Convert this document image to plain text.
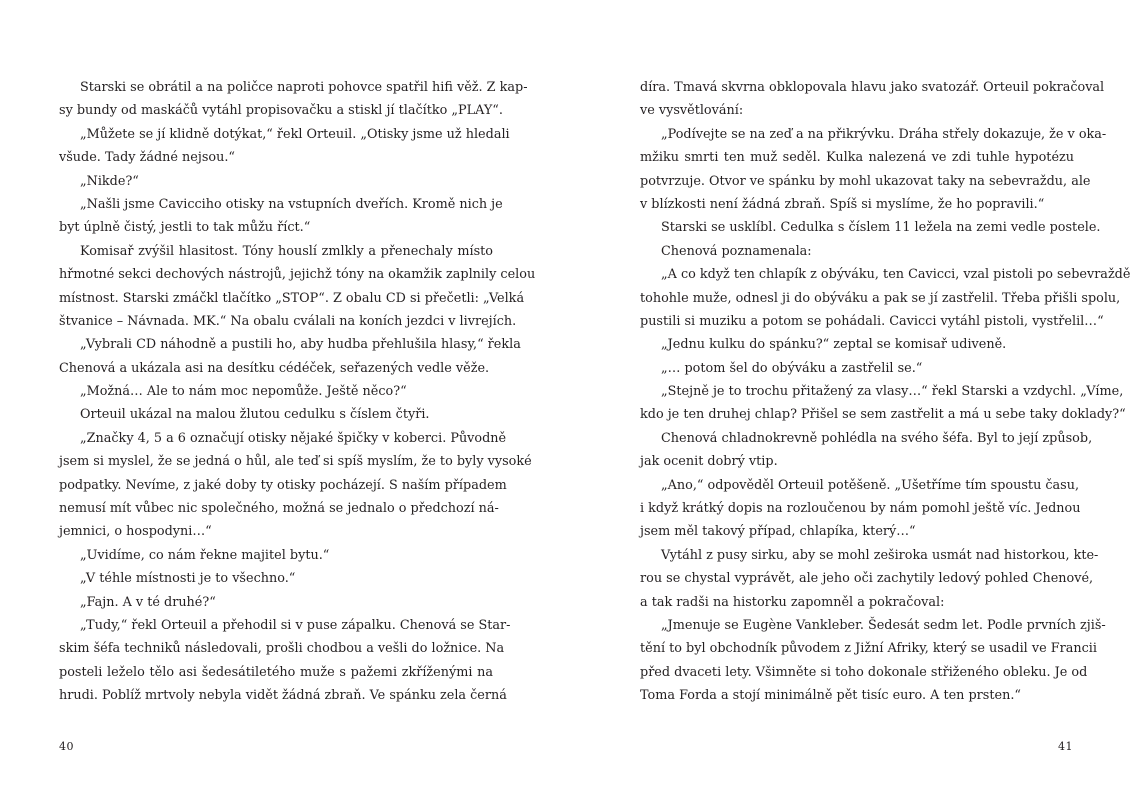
Starski se obrátil a na poličce naproti pohovce spatřil hifi věž. Z kap-
sy bundy od maskáčů vytáhl propisovačku a stiskl jí tlačítko „PLAY“.
„Můžete se jí klidně dotýkat,“ řekl Orteuil. „Otisky jsme už hledali
všude. Tady žádné nejsou.“
„Nikde?“
„Našli jsme Cavicciho otisky na vstupních dveřích. Kromě nich je
byt úplně čistý, jestli to tak můžu říct.“
Komisař zvýšil hlasitost. Tóny houslí zmlkly a přenechaly místo
hřmotné sekci dechových nástrojů, jejichž tóny na okamžik zaplnily celou
místnost. Starski zmáčkl tlačítko „STOP“. Z obalu CD si přečetli: „Velká
štvanice – Návnada. MK.“ Na obalu cválali na koních jezdci v livrejích.
„Vybrali CD náhodně a pustili ho, aby hudba přehlušila hlasy,“ řekla
Chenová a ukázala asi na desítku cédéček, seřazených vedle věže.
„Možná… Ale to nám moc nepomůže. Ještě něco?“
Orteuil ukázal na malou žlutou cedulku s číslem čtyři.
„Značky 4, 5 a 6 označují otisky nějaké špičky v koberci. Původně
jsem si myslel, že se jedná o hůl, ale teď si spíš myslím, že to byly vysoké
podpatky. Nevíme, z jaké doby ty otisky pocházejí. S naším případem
nemusí mít vůbec nic společného, možná se jednalo o předchozí ná-
jemnici, o hospodyni…“
„Uvidíme, co nám řekne majitel bytu.“
„V téhle místnosti je to všechno.“
„Fajn. A v té druhé?“
„Tudy,“ řekl Orteuil a přehodil si v puse zápalku. Chenová se Star-
skim šéfa techniků následovali, prošli chodbou a vešli do ložnice. Na
posteli leželo tělo asi šedesátiletého muže s pažemi zkříženými na
hrudi. Poblíž mrtvoly nebyla vidět žádná zbraň. Ve spánku zela černá
díra. Tmavá skvrna obklopovala hlavu jako svatozář. Orteuil pokračoval
ve vysvětlování:
„Podívejte se na zeď a na přikrývku. Dráha střely dokazuje, že v oka-
mžiku smrti ten muž seděl. Kulka nalezená ve zdi tuhle hypotézu
potvrzuje. Otvor ve spánku by mohl ukazovat taky na sebevraždu, ale
v blízkosti není žádná zbraň. Spíš si myslíme, že ho popravili.“
Starski se usklíbl. Cedulka s číslem 11 ležela na zemi vedle postele.
Chenová poznamenala:
„A co když ten chlapík z obýváku, ten Cavicci, vzal pistoli po sebevraždě
tohohle muže, odnesl ji do obýváku a pak se jí zastřelil. Třeba přišli spolu,
pustili si muziku a potom se pohádali. Cavicci vytáhl pistoli, vystřelil…“
„Jednu kulku do spánku?“ zeptal se komisař udiveně.
„… potom šel do obýváku a zastřelil se.“
„Stejně je to trochu přitažený za vlasy…“ řekl Starski a vzdychl. „Víme,
kdo je ten druhej chlap? Přišel se sem zastřelit a má u sebe taky doklady?“
Chenová chladnokrevně pohlédla na svého šéfa. Byl to její způsob,
jak ocenit dobrý vtip.
„Ano,“ odpověděl Orteuil potěšeně. „Ušetříme tím spoustu času,
i když krátký dopis na rozloučenou by nám pomohl ještě víc. Jednou
jsem měl takový případ, chlapíka, který…“
Vytáhl z pusy sirku, aby se mohl zeširoka usmát nad historkou, kte-
rou se chystal vyprávět, ale jeho oči zachytily ledový pohled Chenové,
a tak radši na historku zapomněl a pokračoval:
„Jmenuje se Eugène Vankleber. Šedesát sedm let. Podle prvních zjiš-
tění to byl obchodník původem z Jižní Afriky, který se usadil ve Francii
před dvaceti lety. Všimněte si toho dokonale střiženého obleku. Je od
Toma Forda a stojí minimálně pět tisíc euro. A ten prsten.“
40	41
